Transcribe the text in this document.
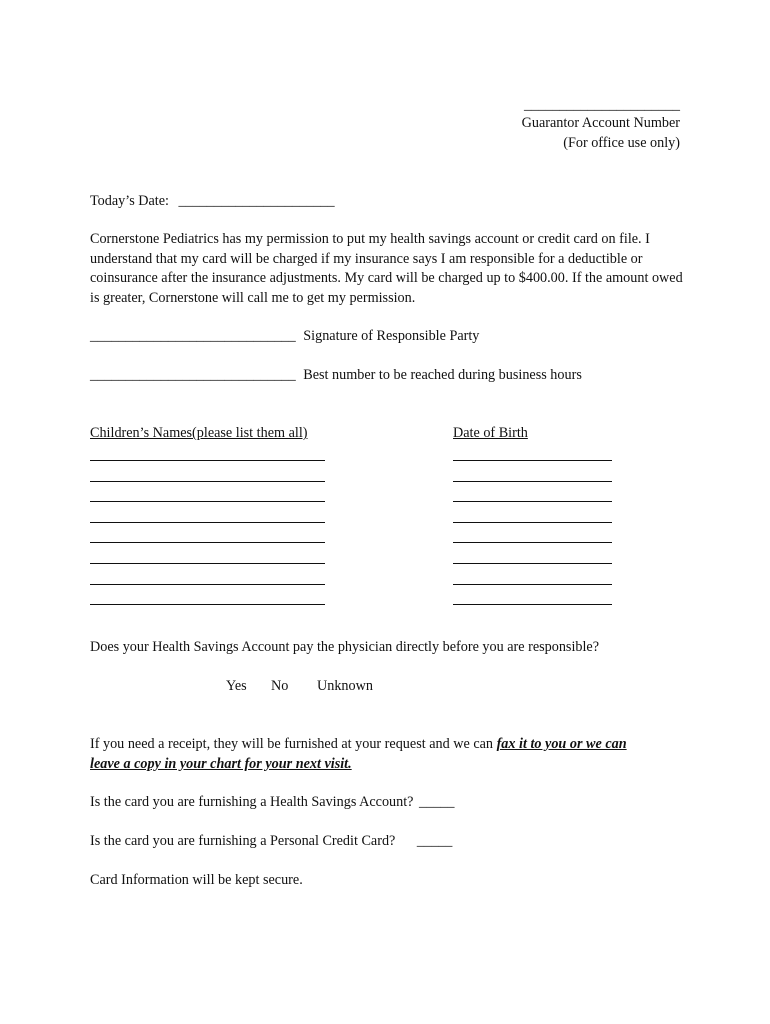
______________________
Guarantor Account Number
(For office use only)
Today’s Date: ______________________
Cornerstone Pediatrics has my permission to put my health savings account or credit card on file. I understand that my card will be charged if my insurance says I am responsible for a deductible or coinsurance after the insurance adjustments. My card will be charged up to $400.00. If the amount owed is greater, Cornerstone will call me to get my permission.
_____________________________ Signature of Responsible Party
_____________________________ Best number to be reached during business hours
Children’s Names(please list them all)	Date of Birth
Does your Health Savings Account pay the physician directly before you are responsible?
Yes No Unknown
If you need a receipt, they will be furnished at your request and we can fax it to you or we can
leave a copy in your chart for your next visit.
Is the card you are furnishing a Health Savings Account? _____
Is the card you are furnishing a Personal Credit Card? _____
Card Information will be kept secure.
